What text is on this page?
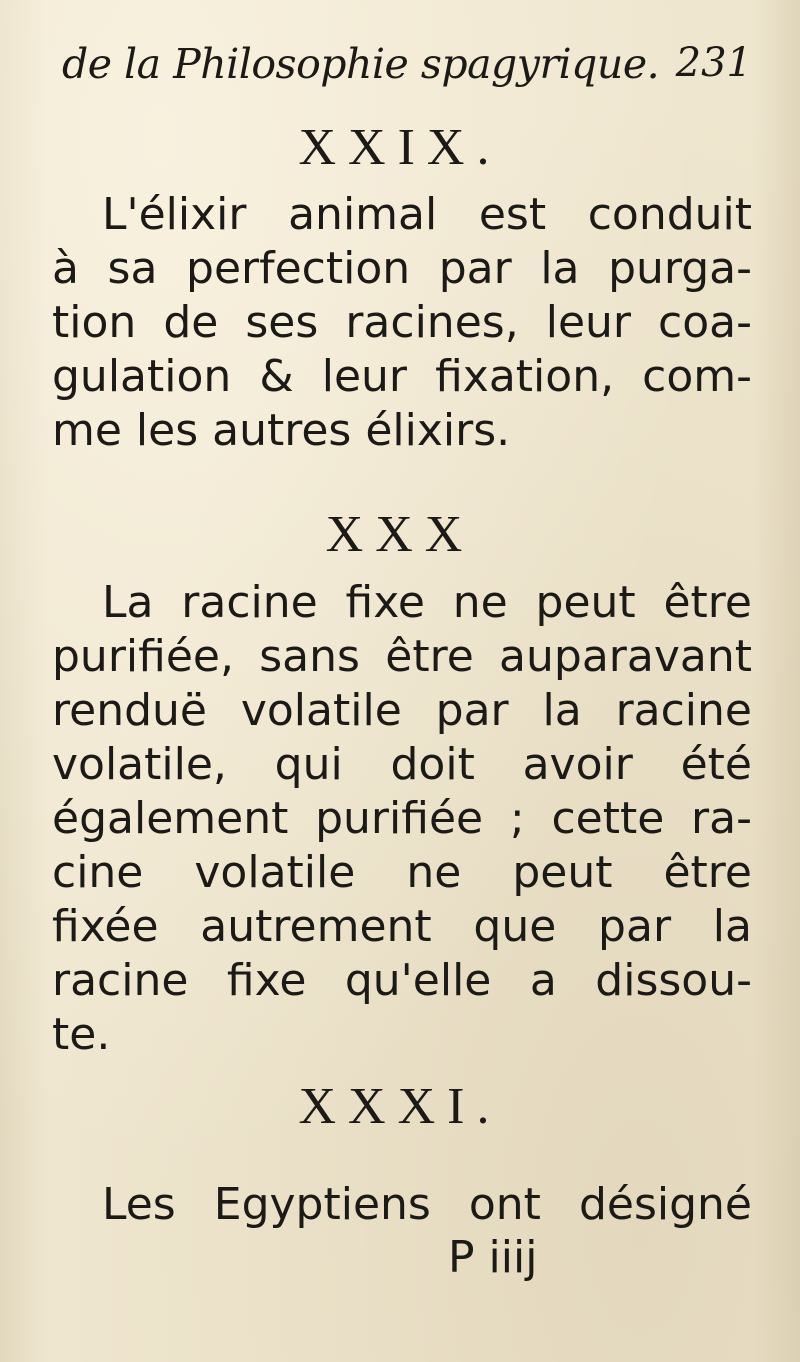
de la Philosophie spagyrique. 231
XXIX.
L'élixir animal est conduit
à sa perfection par la purga-
tion de ses racines, leur coa-
gulation & leur fixation, com-
me les autres élixirs.
XXX
La racine fixe ne peut être
purifiée, sans être auparavant
renduë volatile par la racine
volatile, qui doit avoir été
également purifiée ; cette ra-
cine volatile ne peut être
fixée autrement que par la
racine fixe qu'elle a dissou-
te.
XXXI.
Les Egyptiens ont désigné
P iiij
